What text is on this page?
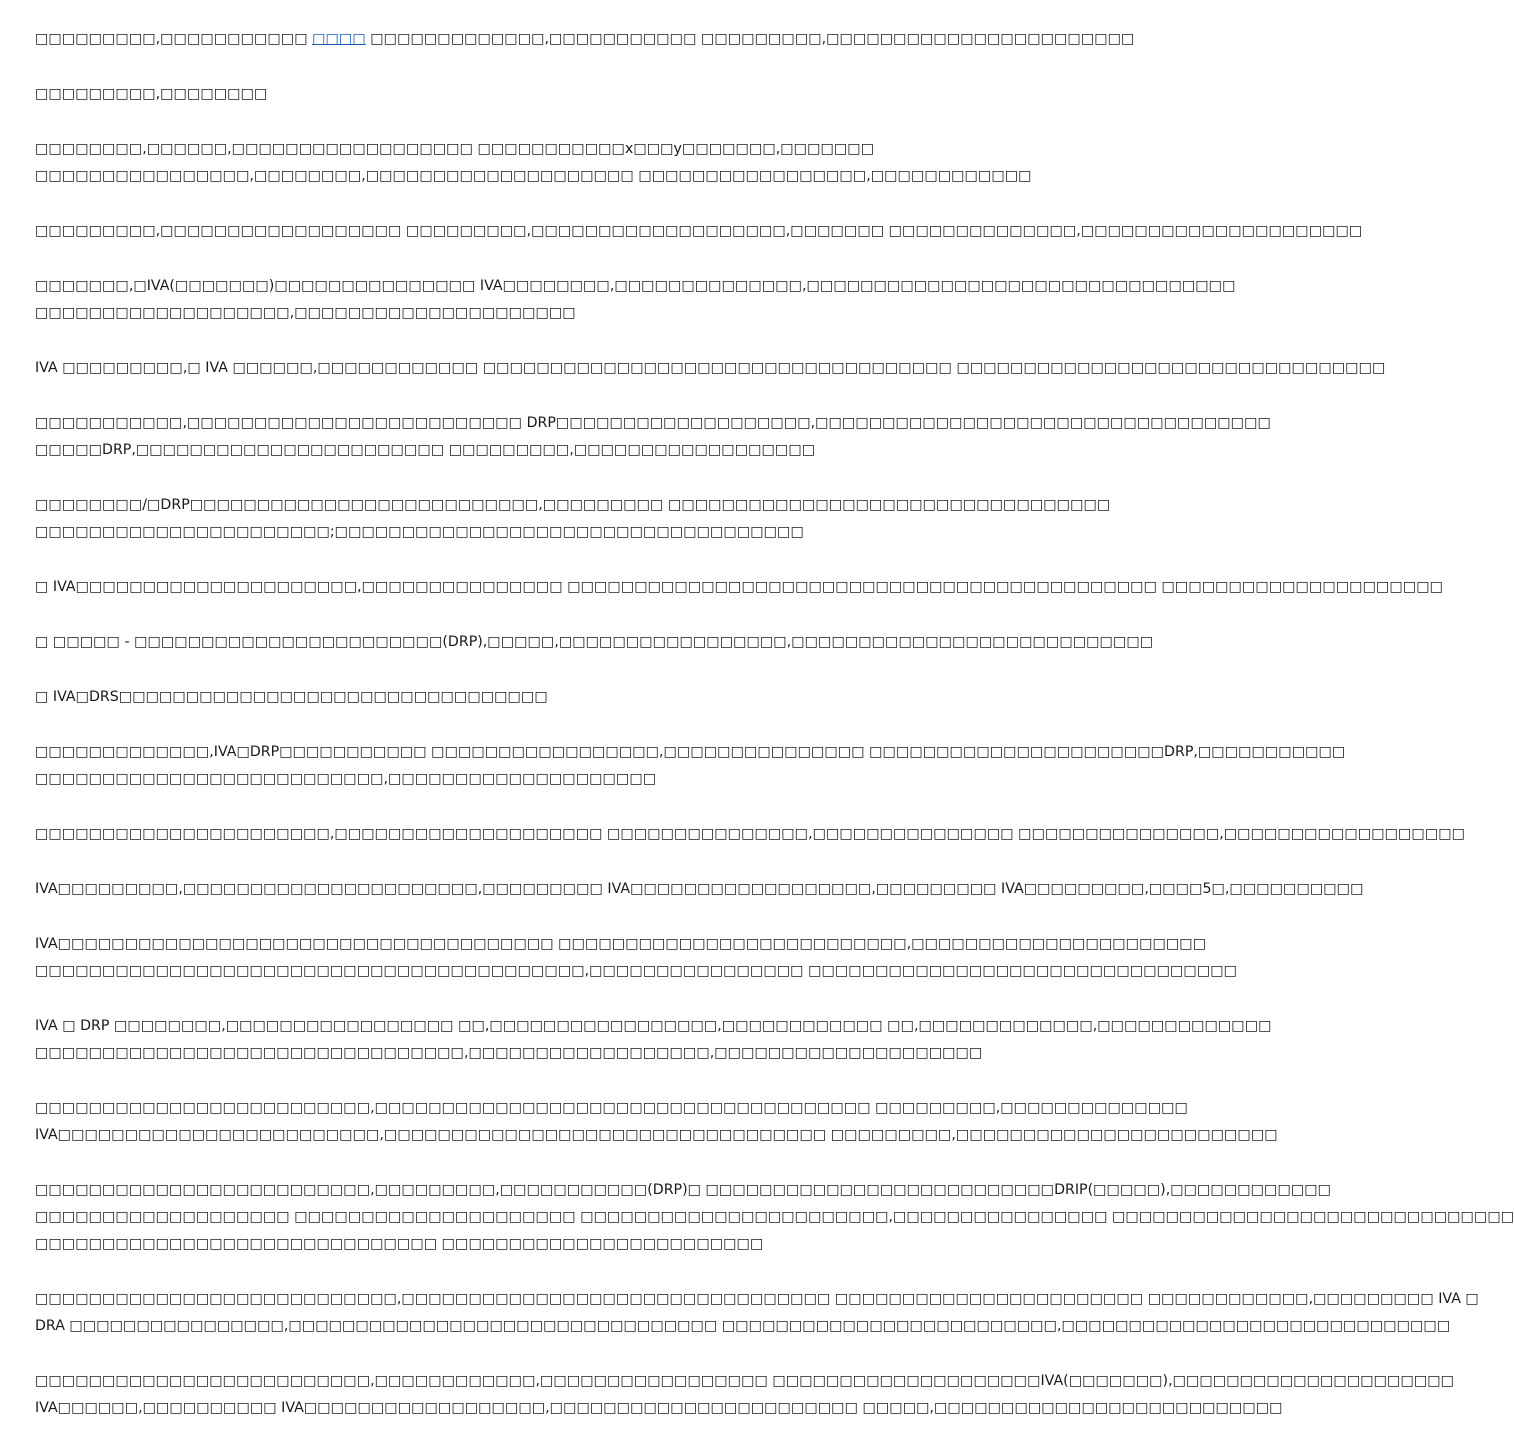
□□□□□□□□□,□□□□□□□□□□□ □□□□ □□□□□□□□□□□□□,□□□□□□□□□□□ □□□□□□□□□,□□□□□□□□□□□□□□□□□□□□□□□

□□□□□□□□□,□□□□□□□□

□□□□□□□□,□□□□□□,□□□□□□□□□□□□□□□□□□ □□□□□□□□□□□x□□□y□□□□□□□,□□□□□□□
□□□□□□□□□□□□□□□□,□□□□□□□□,□□□□□□□□□□□□□□□□□□□□ □□□□□□□□□□□□□□□□□,□□□□□□□□□□□□

□□□□□□□□□,□□□□□□□□□□□□□□□□□□ □□□□□□□□□,□□□□□□□□□□□□□□□□□□□,□□□□□□□ □□□□□□□□□□□□□□,□□□□□□□□□□□□□□□□□□□□□

□□□□□□□,□IVA(□□□□□□□)□□□□□□□□□□□□□□□ IVA□□□□□□□□,□□□□□□□□□□□□□□,□□□□□□□□□□□□□□□□□□□□□□□□□□□□□□□□
□□□□□□□□□□□□□□□□□□□,□□□□□□□□□□□□□□□□□□□□□

IVA □□□□□□□□□,□ IVA □□□□□□,□□□□□□□□□□□□ □□□□□□□□□□□□□□□□□□□□□□□□□□□□□□□□□□□ □□□□□□□□□□□□□□□□□□□□□□□□□□□□□□□□

□□□□□□□□□□□,□□□□□□□□□□□□□□□□□□□□□□□□□ DRP□□□□□□□□□□□□□□□□□□□,□□□□□□□□□□□□□□□□□□□□□□□□□□□□□□□□□□
□□□□□DRP,□□□□□□□□□□□□□□□□□□□□□□□ □□□□□□□□□,□□□□□□□□□□□□□□□□□□

□□□□□□□□/□DRP□□□□□□□□□□□□□□□□□□□□□□□□□□,□□□□□□□□□ □□□□□□□□□□□□□□□□□□□□□□□□□□□□□□□□□
□□□□□□□□□□□□□□□□□□□□□□;□□□□□□□□□□□□□□□□□□□□□□□□□□□□□□□□□□□

□ IVA□□□□□□□□□□□□□□□□□□□□□,□□□□□□□□□□□□□□□ □□□□□□□□□□□□□□□□□□□□□□□□□□□□□□□□□□□□□□□□□□□□ □□□□□□□□□□□□□□□□□□□□□

□ □□□□□ - □□□□□□□□□□□□□□□□□□□□□□□(DRP),□□□□□,□□□□□□□□□□□□□□□□□,□□□□□□□□□□□□□□□□□□□□□□□□□□□

□ IVA□DRS□□□□□□□□□□□□□□□□□□□□□□□□□□□□□□□□

□□□□□□□□□□□□□,IVA□DRP□□□□□□□□□□□ □□□□□□□□□□□□□□□□□,□□□□□□□□□□□□□□□ □□□□□□□□□□□□□□□□□□□□□□DRP,□□□□□□□□□□□
□□□□□□□□□□□□□□□□□□□□□□□□□□,□□□□□□□□□□□□□□□□□□□□

□□□□□□□□□□□□□□□□□□□□□□,□□□□□□□□□□□□□□□□□□□□ □□□□□□□□□□□□□□□,□□□□□□□□□□□□□□□ □□□□□□□□□□□□□□□,□□□□□□□□□□□□□□□□□□

IVA□□□□□□□□□,□□□□□□□□□□□□□□□□□□□□□□,□□□□□□□□□ IVA□□□□□□□□□□□□□□□□□□,□□□□□□□□□ IVA□□□□□□□□□,□□□□5□,□□□□□□□□□□

IVA□□□□□□□□□□□□□□□□□□□□□□□□□□□□□□□□□□□□□ □□□□□□□□□□□□□□□□□□□□□□□□□□,□□□□□□□□□□□□□□□□□□□□□□
□□□□□□□□□□□□□□□□□□□□□□□□□□□□□□□□□□□□□□□□□,□□□□□□□□□□□□□□□□ □□□□□□□□□□□□□□□□□□□□□□□□□□□□□□□□

IVA □ DRP □□□□□□□□,□□□□□□□□□□□□□□□□□ □□,□□□□□□□□□□□□□□□□□,□□□□□□□□□□□□ □□,□□□□□□□□□□□□□,□□□□□□□□□□□□□
□□□□□□□□□□□□□□□□□□□□□□□□□□□□□□□□,□□□□□□□□□□□□□□□□□□,□□□□□□□□□□□□□□□□□□□□

□□□□□□□□□□□□□□□□□□□□□□□□□,□□□□□□□□□□□□□□□□□□□□□□□□□□□□□□□□□□□□□ □□□□□□□□□,□□□□□□□□□□□□□□
IVA□□□□□□□□□□□□□□□□□□□□□□□□,□□□□□□□□□□□□□□□□□□□□□□□□□□□□□□□□□ □□□□□□□□□,□□□□□□□□□□□□□□□□□□□□□□□□

□□□□□□□□□□□□□□□□□□□□□□□□□,□□□□□□□□□,□□□□□□□□□□□(DRP)□ □□□□□□□□□□□□□□□□□□□□□□□□□□DRIP(□□□□□),□□□□□□□□□□□□
□□□□□□□□□□□□□□□□□□□ □□□□□□□□□□□□□□□□□□□□□ □□□□□□□□□□□□□□□□□□□□□□□,□□□□□□□□□□□□□□□□ □□□□□□□□□□□□□□□□□□□□□□□□□□□□□□
□□□□□□□□□□□□□□□□□□□□□□□□□□□□□□ □□□□□□□□□□□□□□□□□□□□□□□□

□□□□□□□□□□□□□□□□□□□□□□□□□□□,□□□□□□□□□□□□□□□□□□□□□□□□□□□□□□□□ □□□□□□□□□□□□□□□□□□□□□□□ □□□□□□□□□□□□,□□□□□□□□□ IVA □
DRA □□□□□□□□□□□□□□□□,□□□□□□□□□□□□□□□□□□□□□□□□□□□□□□□□ □□□□□□□□□□□□□□□□□□□□□□□□□,□□□□□□□□□□□□□□□□□□□□□□□□□□□□□

□□□□□□□□□□□□□□□□□□□□□□□□□,□□□□□□□□□□□□,□□□□□□□□□□□□□□□□□ □□□□□□□□□□□□□□□□□□□□IVA(□□□□□□□),□□□□□□□□□□□□□□□□□□□□□
IVA□□□□□□,□□□□□□□□□□ IVA□□□□□□□□□□□□□□□□□□,□□□□□□□□□□□□□□□□□□□□□□□ □□□□□,□□□□□□□□□□□□□□□□□□□□□□□□□□
